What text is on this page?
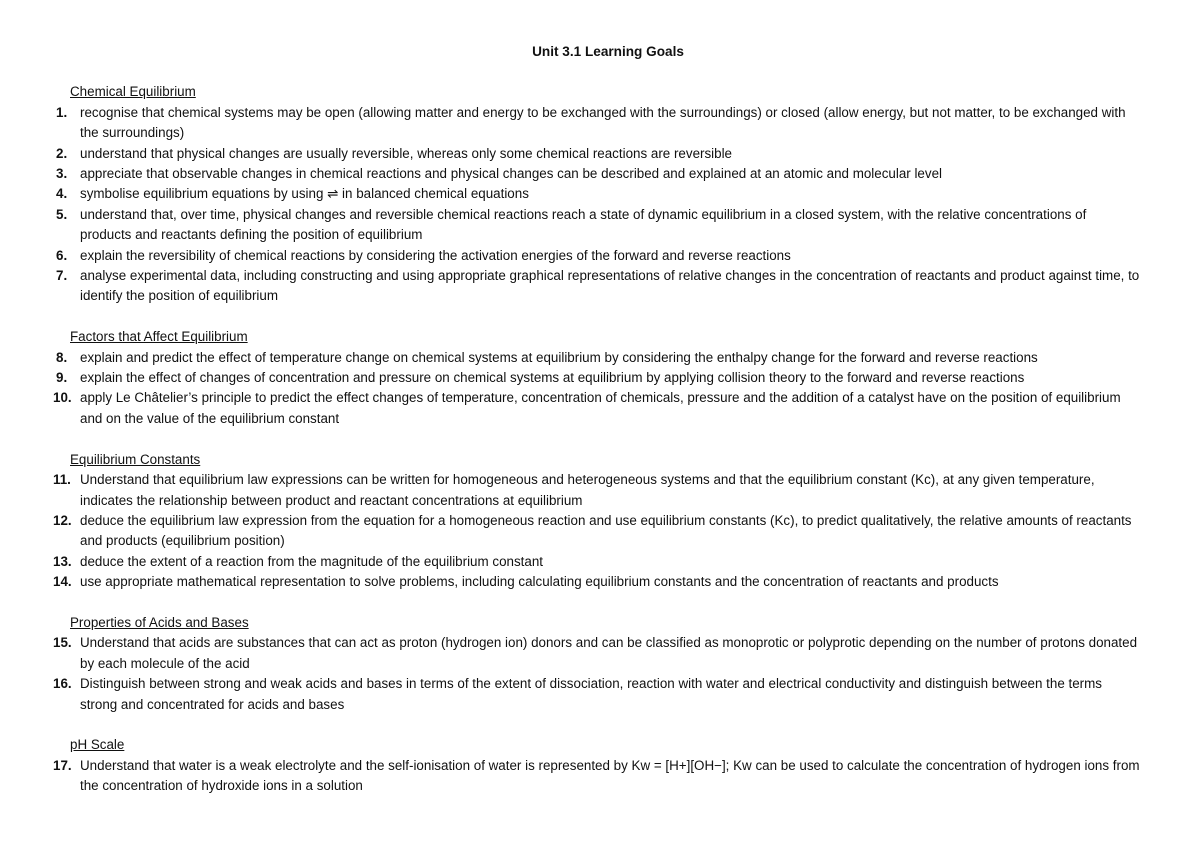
Unit 3.1 Learning Goals
Chemical Equilibrium
1. recognise that chemical systems may be open (allowing matter and energy to be exchanged with the surroundings) or closed (allow energy, but not matter, to be exchanged with the surroundings)
2. understand that physical changes are usually reversible, whereas only some chemical reactions are reversible
3. appreciate that observable changes in chemical reactions and physical changes can be described and explained at an atomic and molecular level
4. symbolise equilibrium equations by using ⇌ in balanced chemical equations
5. understand that, over time, physical changes and reversible chemical reactions reach a state of dynamic equilibrium in a closed system, with the relative concentrations of products and reactants defining the position of equilibrium
6. explain the reversibility of chemical reactions by considering the activation energies of the forward and reverse reactions
7. analyse experimental data, including constructing and using appropriate graphical representations of relative changes in the concentration of reactants and product against time, to identify the position of equilibrium
Factors that Affect Equilibrium
8. explain and predict the effect of temperature change on chemical systems at equilibrium by considering the enthalpy change for the forward and reverse reactions
9. explain the effect of changes of concentration and pressure on chemical systems at equilibrium by applying collision theory to the forward and reverse reactions
10. apply Le Châtelier’s principle to predict the effect changes of temperature, concentration of chemicals, pressure and the addition of a catalyst have on the position of equilibrium and on the value of the equilibrium constant
Equilibrium Constants
11. Understand that equilibrium law expressions can be written for homogeneous and heterogeneous systems and that the equilibrium constant (Kc), at any given temperature, indicates the relationship between product and reactant concentrations at equilibrium
12. deduce the equilibrium law expression from the equation for a homogeneous reaction and use equilibrium constants (Kc), to predict qualitatively, the relative amounts of reactants and products (equilibrium position)
13. deduce the extent of a reaction from the magnitude of the equilibrium constant
14. use appropriate mathematical representation to solve problems, including calculating equilibrium constants and the concentration of reactants and products
Properties of Acids and Bases
15. Understand that acids are substances that can act as proton (hydrogen ion) donors and can be classified as monoprotic or polyprotic depending on the number of protons donated by each molecule of the acid
16. Distinguish between strong and weak acids and bases in terms of the extent of dissociation, reaction with water and electrical conductivity and distinguish between the terms strong and concentrated for acids and bases
pH Scale
17. Understand that water is a weak electrolyte and the self-ionisation of water is represented by Kw = [H+][OH−]; Kw can be used to calculate the concentration of hydrogen ions from the concentration of hydroxide ions in a solution
